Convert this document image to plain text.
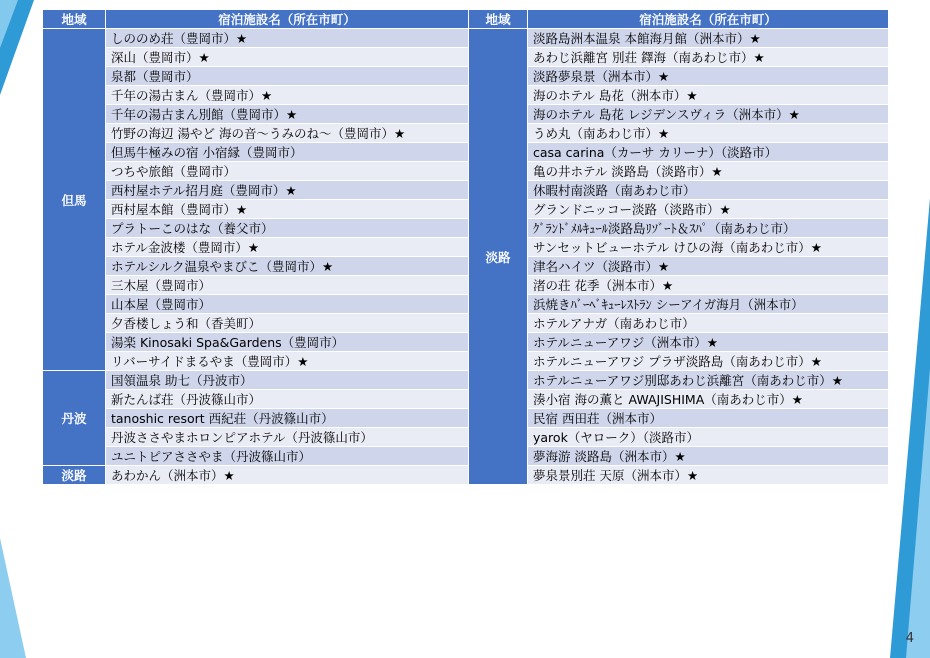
地域	宿泊施設名（所在市町）
但馬	しののめ荘（豊岡市）★
	深山（豊岡市）★
	泉都（豊岡市）
	千年の湯古まん（豊岡市）★
	千年の湯古まん別館（豊岡市）★
	竹野の海辺 湯やど 海の音～うみのね～（豊岡市）★
	但馬牛極みの宿 小宿縁（豊岡市）
	つちや旅館（豊岡市）
	西村屋ホテル招月庭（豊岡市）★
	西村屋本館（豊岡市）★
	プラトーこのはな（養父市）
	ホテル金波楼（豊岡市）★
	ホテルシルク温泉やまびこ（豊岡市）★
	三木屋（豊岡市）
	山本屋（豊岡市）
	夕香楼しょう和（香美町）
	湯楽 Kinosaki Spa&Gardens（豊岡市）
	リバーサイドまるやま（豊岡市）★
丹波	国領温泉 助七（丹波市）
	新たんば荘（丹波篠山市）
	tanoshic resort 西紀荘（丹波篠山市）
	丹波ささやまホロンピアホテル（丹波篠山市）
	ユニトピアささやま（丹波篠山市）
淡路	あわかん（洲本市）★
地域	宿泊施設名（所在市町）
淡路	淡路島洲本温泉 本館海月館（洲本市）★
	あわじ浜離宮 別荘 鐸海（南あわじ市）★
	淡路夢泉景（洲本市）★
	海のホテル 島花（洲本市）★
	海のホテル 島花 レジデンスヴィラ（洲本市）★
	うめ丸（南あわじ市）★
	casa carina（カーサ カリーナ）（淡路市）
	亀の井ホテル 淡路島（淡路市）★
	休暇村南淡路（南あわじ市）
	グランドニッコー淡路（淡路市）★
	ｸﾞﾗﾝﾄﾞﾒﾙｷｭｰﾙ淡路島ﾘｿﾞｰﾄ＆ｽﾊﾟ（南あわじ市）
	サンセットビューホテル けひの海（南あわじ市）★
	津名ハイツ（淡路市）★
	渚の荘 花季（洲本市）★
	浜焼きﾊﾞｰﾍﾞｷｭｰﾚｽﾄﾗﾝ シーアイガ海月（洲本市）
	ホテルアナガ（南あわじ市）
	ホテルニューアワジ（洲本市）★
	ホテルニューアワジ プラザ淡路島（南あわじ市）★
	ホテルニューアワジ別邸あわじ浜離宮（南あわじ市）★
	湊小宿 海の薫と AWAJISHIMA（南あわじ市）★
	民宿 西田荘（洲本市）
	yarok（ヤローク）（淡路市）
	夢海游 淡路島（洲本市）★
	夢泉景別荘 天原（洲本市）★
4
